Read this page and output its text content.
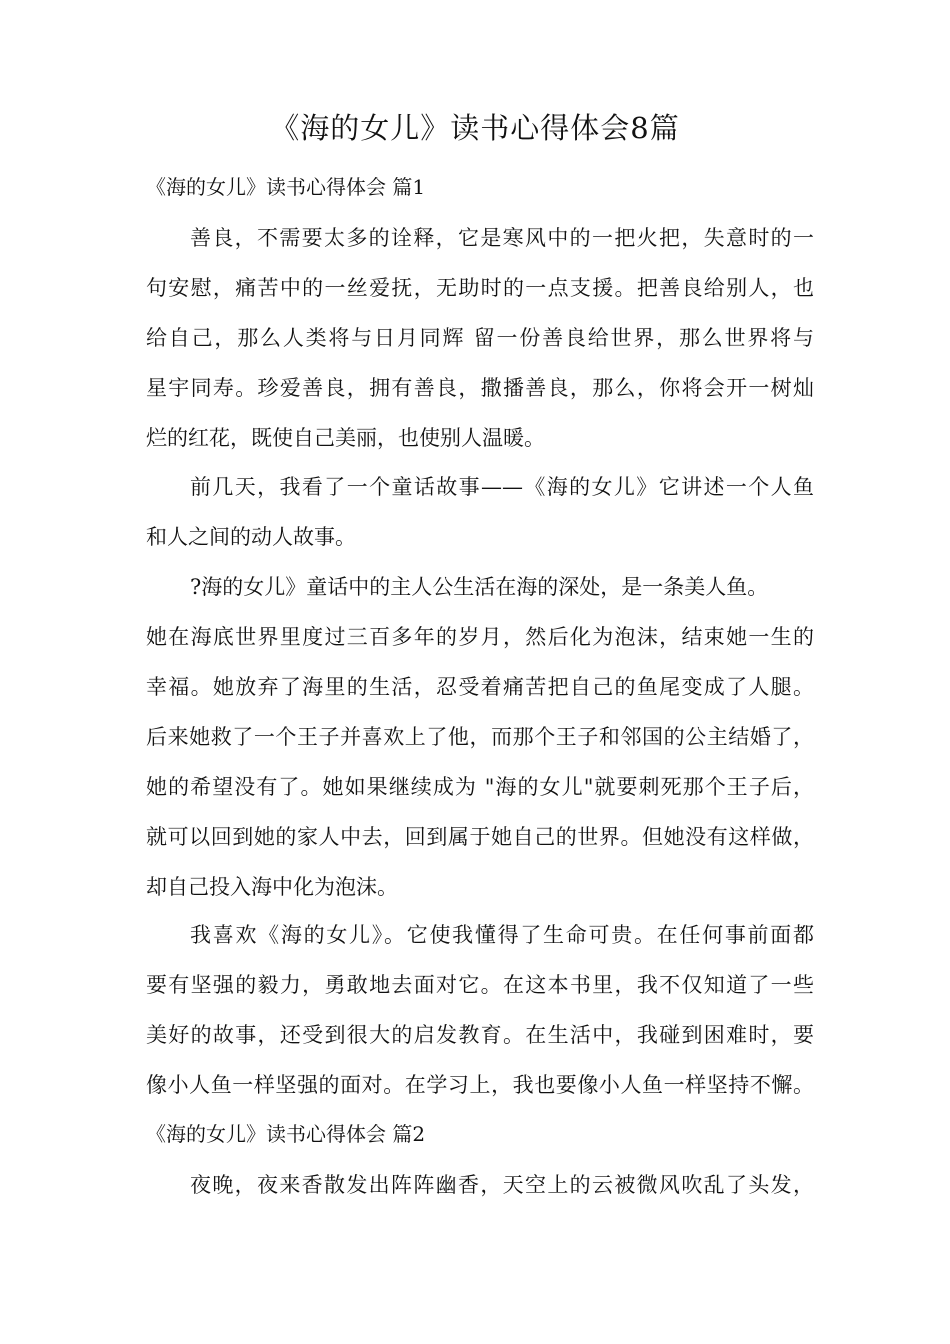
《海的女儿》读书心得体会8篇
《海的女儿》读书心得体会 篇1
善良，不需要太多的诠释，它是寒风中的一把火把，失意时的一
句安慰，痛苦中的一丝爱抚，无助时的一点支援。把善良给别人，也
给自己，那么人类将与日月同辉 留一份善良给世界，那么世界将与
星宇同寿。珍爱善良，拥有善良，撒播善良，那么，你将会开一树灿
烂的红花，既使自己美丽，也使别人温暖。
前几天，我看了一个童话故事——《海的女儿》它讲述一个人鱼
和人之间的动人故事。
?海的女儿》童话中的主人公生活在海的深处，是一条美人鱼。
她在海底世界里度过三百多年的岁月，然后化为泡沫，结束她一生的
幸福。她放弃了海里的生活，忍受着痛苦把自己的鱼尾变成了人腿。
后来她救了一个王子并喜欢上了他，而那个王子和邻国的公主结婚了，
她的希望没有了。她如果继续成为 "海的女儿"就要刺死那个王子后，
就可以回到她的家人中去，回到属于她自己的世界。但她没有这样做，
却自己投入海中化为泡沫。
我喜欢《海的女儿》。它使我懂得了生命可贵。在任何事前面都
要有坚强的毅力，勇敢地去面对它。在这本书里，我不仅知道了一些
美好的故事，还受到很大的启发教育。在生活中，我碰到困难时，要
像小人鱼一样坚强的面对。在学习上，我也要像小人鱼一样坚持不懈。
《海的女儿》读书心得体会 篇2
夜晚，夜来香散发出阵阵幽香，天空上的云被微风吹乱了头发，
